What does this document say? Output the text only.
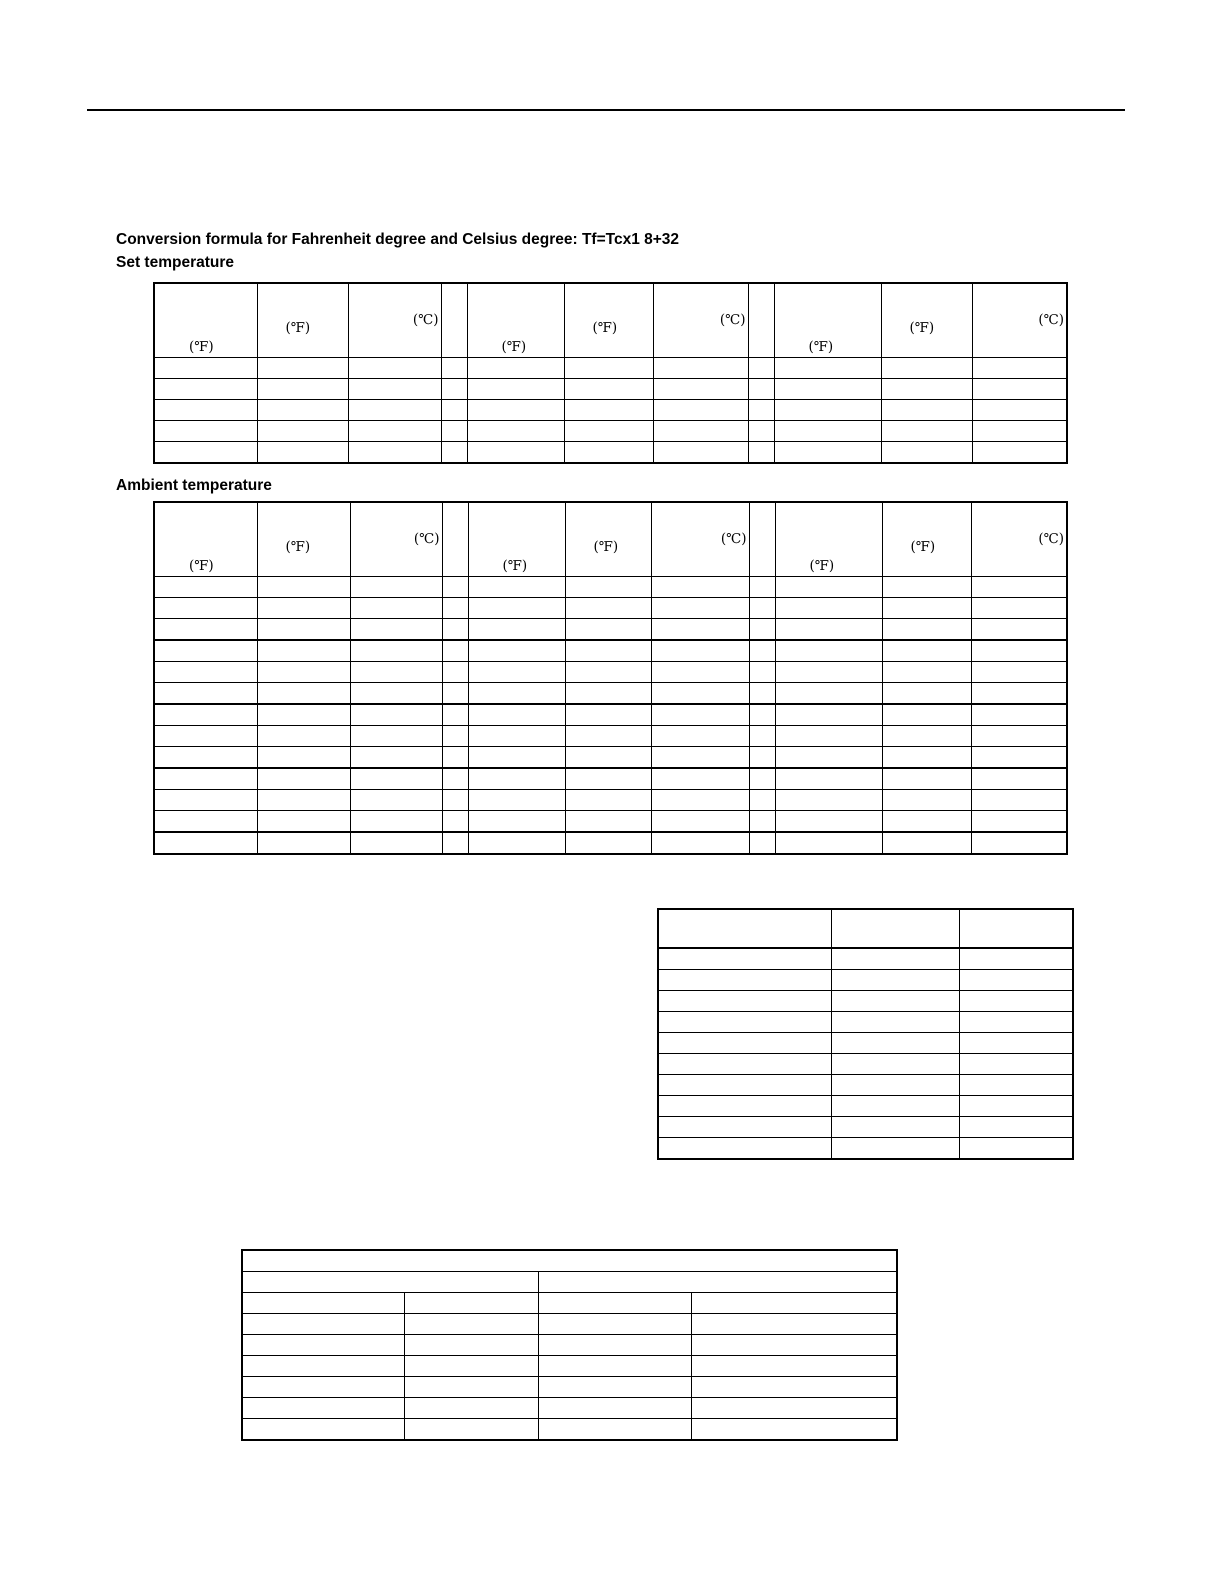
Conversion formula for Fahrenheit degree and Celsius degree: Tf=Tcx1 8+32
Set temperature
(℉)	(℉)	(℃)		(℉)	(℉)	(℃)		(℉)	(℉)	(℃)

Ambient temperature
(℉)	(℉)	(℃)		(℉)	(℉)	(℃)		(℉)	(℉)	(℃)
